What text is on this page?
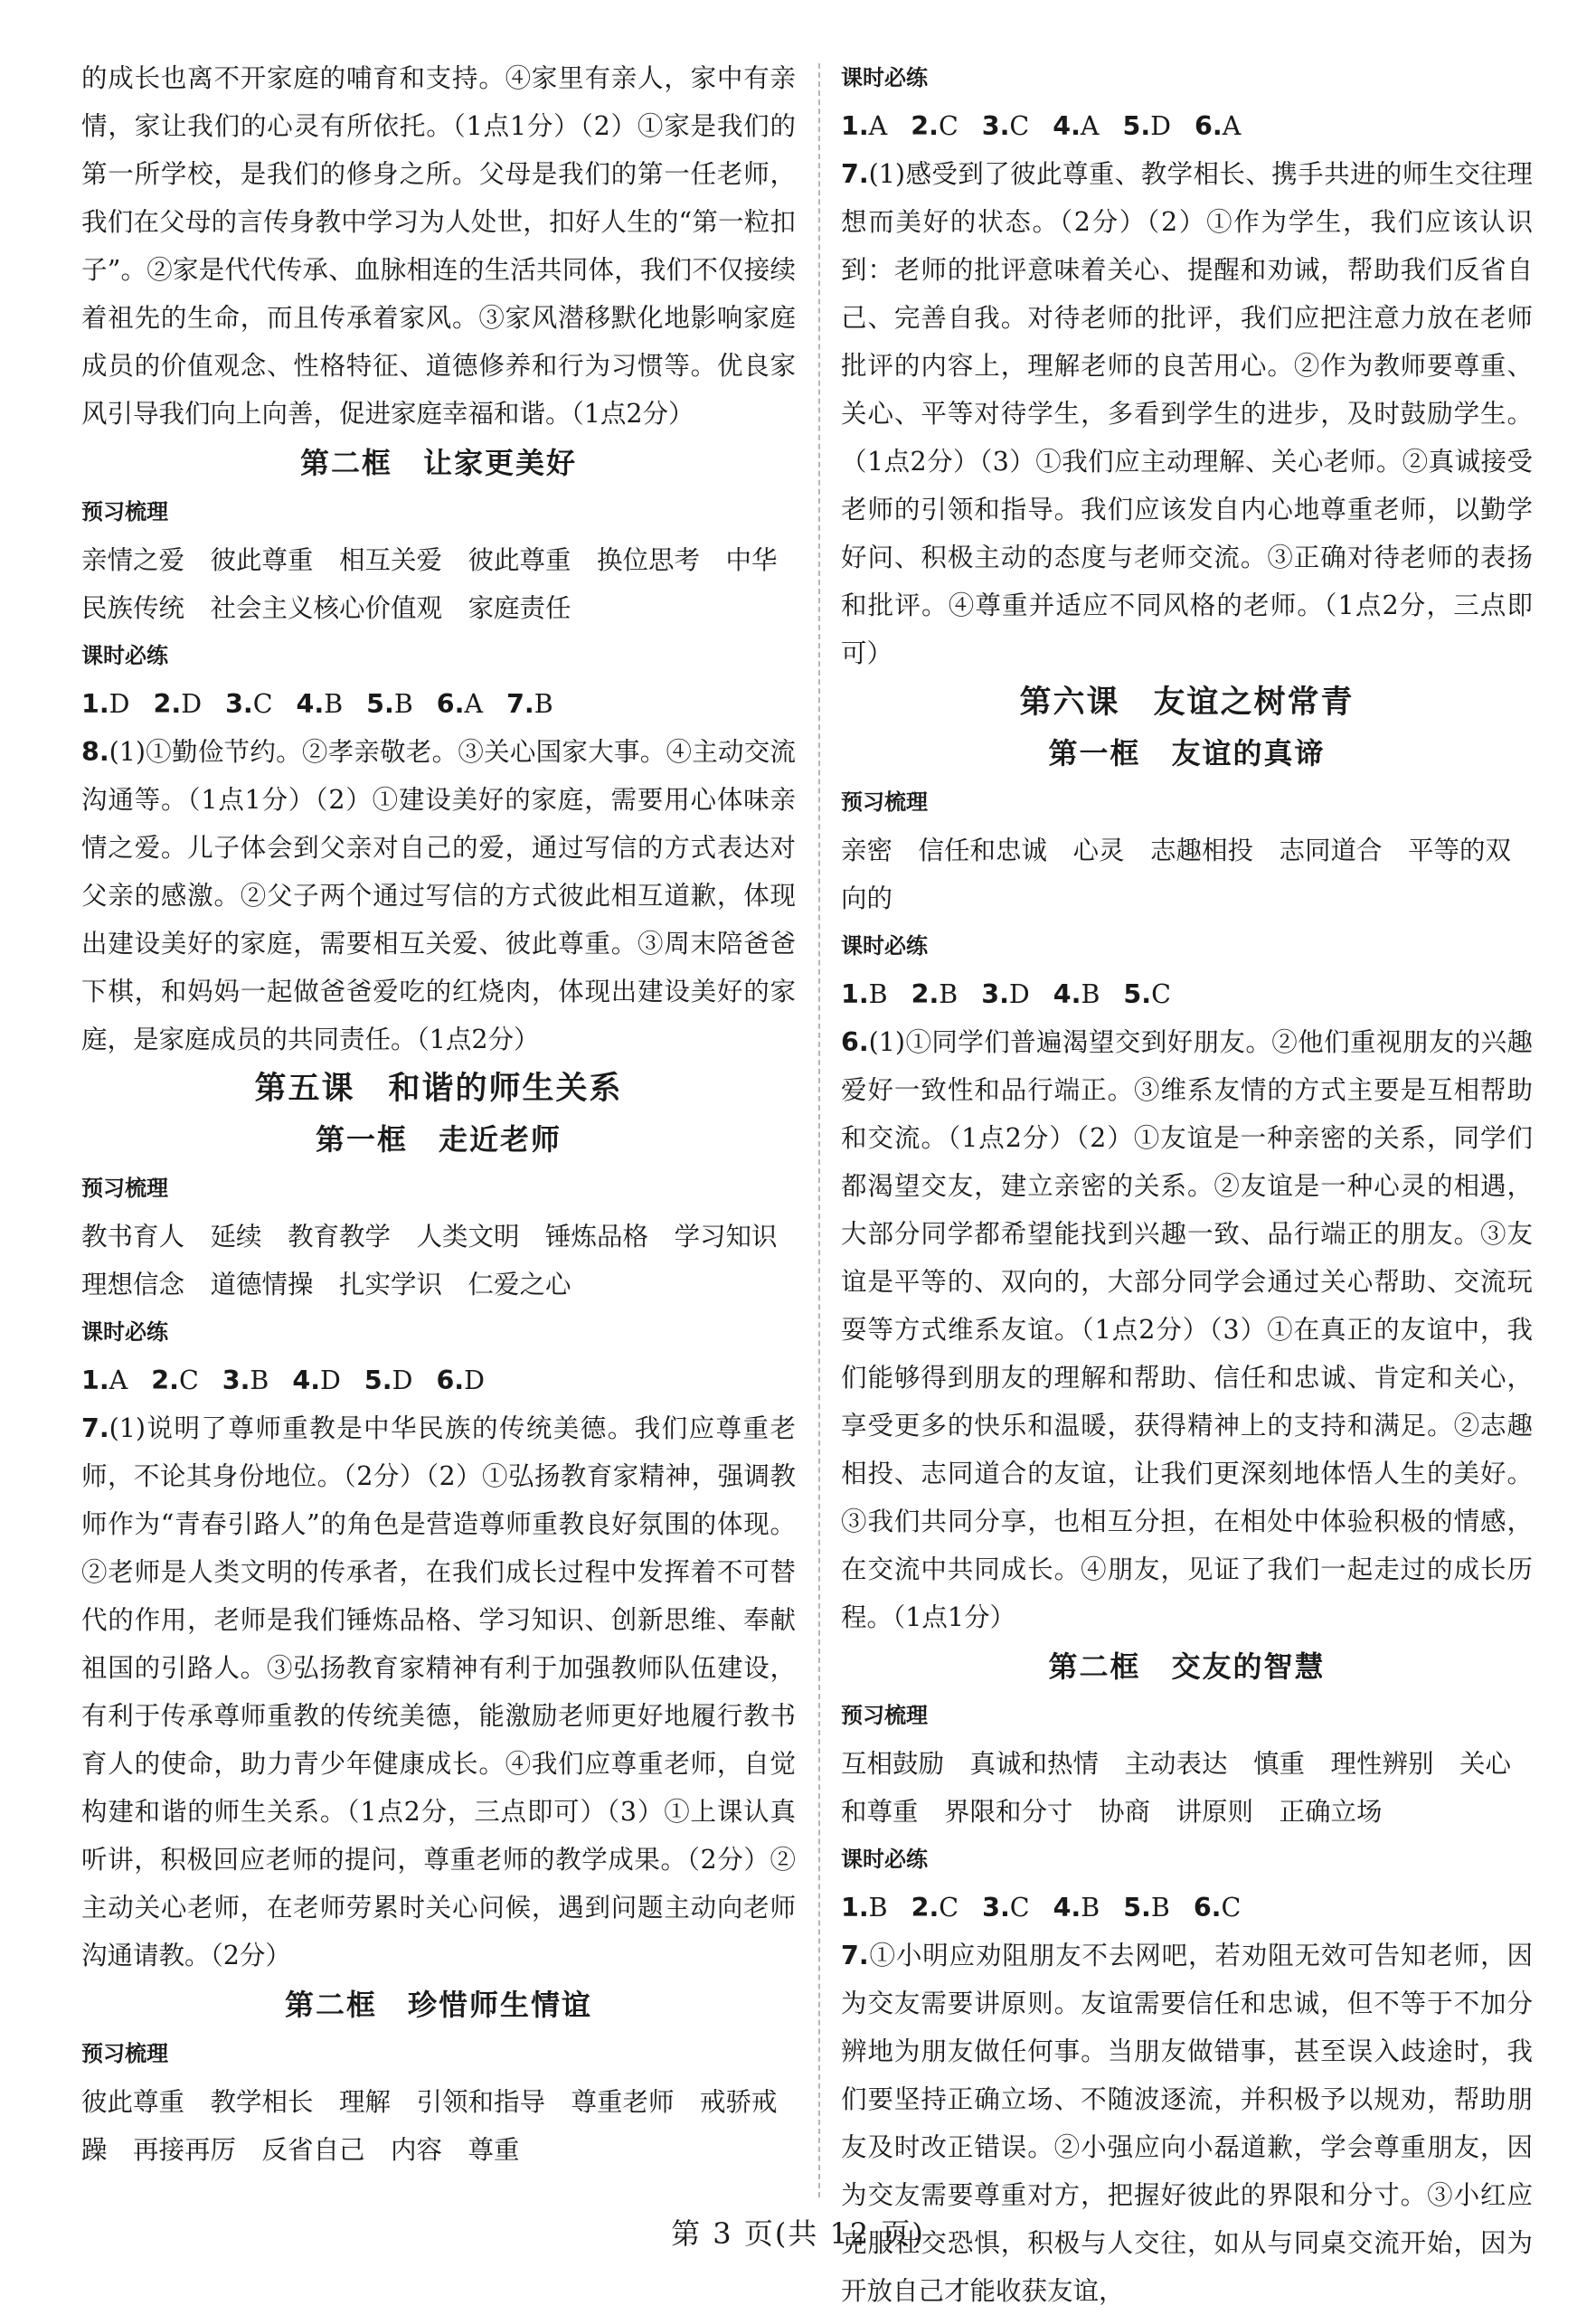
的成长也离不开家庭的哺育和支持。④家里有亲人，家中有亲情，家让我们的心灵有所依托。（1点1分）（2）①家是我们的第一所学校，是我们的修身之所。父母是我们的第一任老师，我们在父母的言传身教中学习为人处世，扣好人生的“第一粒扣子”。②家是代代传承、血脉相连的生活共同体，我们不仅接续着祖先的生命，而且传承着家风。③家风潜移默化地影响家庭成员的价值观念、性格特征、道德修养和行为习惯等。优良家风引导我们向上向善，促进家庭幸福和谐。（1点2分）

第二框　让家更美好
预习梳理

亲情之爱　彼此尊重　相互关爱　彼此尊重　换位思考　中华民族传统　社会主义核心价值观　家庭责任

课时必练

1.D 2.D 3.C 4.B 5.B 6.A 7.B

8.(1)①勤俭节约。②孝亲敬老。③关心国家大事。④主动交流沟通等。（1点1分）（2）①建设美好的家庭，需要用心体味亲情之爱。儿子体会到父亲对自己的爱，通过写信的方式表达对父亲的感激。②父子两个通过写信的方式彼此相互道歉，体现出建设美好的家庭，需要相互关爱、彼此尊重。③周末陪爸爸下棋，和妈妈一起做爸爸爱吃的红烧肉，体现出建设美好的家庭，是家庭成员的共同责任。（1点2分）

第五课　和谐的师生关系
第一框　走近老师
预习梳理

教书育人　延续　教育教学　人类文明　锤炼品格　学习知识　理想信念　道德情操　扎实学识　仁爱之心

课时必练

1.A 2.C 3.B 4.D 5.D 6.D

7.(1)说明了尊师重教是中华民族的传统美德。我们应尊重老师，不论其身份地位。（2分）（2）①弘扬教育家精神，强调教师作为“青春引路人”的角色是营造尊师重教良好氛围的体现。②老师是人类文明的传承者，在我们成长过程中发挥着不可替代的作用，老师是我们锤炼品格、学习知识、创新思维、奉献祖国的引路人。③弘扬教育家精神有利于加强教师队伍建设，有利于传承尊师重教的传统美德，能激励老师更好地履行教书育人的使命，助力青少年健康成长。④我们应尊重老师，自觉构建和谐的师生关系。（1点2分，三点即可）（3）①上课认真听讲，积极回应老师的提问，尊重老师的教学成果。（2分）②主动关心老师，在老师劳累时关心问候，遇到问题主动向老师沟通请教。（2分）

第二框　珍惜师生情谊
预习梳理

彼此尊重　教学相长　理解　引领和指导　尊重老师　戒骄戒躁　再接再厉　反省自己　内容　尊重

课时必练

1.A 2.C 3.C 4.A 5.D 6.A

7.(1)感受到了彼此尊重、教学相长、携手共进的师生交往理想而美好的状态。（2分）（2）①作为学生，我们应该认识到：老师的批评意味着关心、提醒和劝诫，帮助我们反省自己、完善自我。对待老师的批评，我们应把注意力放在老师批评的内容上，理解老师的良苦用心。②作为教师要尊重、关心、平等对待学生，多看到学生的进步，及时鼓励学生。（1点2分）（3）①我们应主动理解、关心老师。②真诚接受老师的引领和指导。我们应该发自内心地尊重老师，以勤学好问、积极主动的态度与老师交流。③正确对待老师的表扬和批评。④尊重并适应不同风格的老师。（1点2分，三点即可）

第六课　友谊之树常青
第一框　友谊的真谛
预习梳理

亲密　信任和忠诚　心灵　志趣相投　志同道合　平等的双向的

课时必练

1.B 2.B 3.D 4.B 5.C

6.(1)①同学们普遍渴望交到好朋友。②他们重视朋友的兴趣爱好一致性和品行端正。③维系友情的方式主要是互相帮助和交流。（1点2分）（2）①友谊是一种亲密的关系，同学们都渴望交友，建立亲密的关系。②友谊是一种心灵的相遇，大部分同学都希望能找到兴趣一致、品行端正的朋友。③友谊是平等的、双向的，大部分同学会通过关心帮助、交流玩耍等方式维系友谊。（1点2分）（3）①在真正的友谊中，我们能够得到朋友的理解和帮助、信任和忠诚、肯定和关心，享受更多的快乐和温暖，获得精神上的支持和满足。②志趣相投、志同道合的友谊，让我们更深刻地体悟人生的美好。③我们共同分享，也相互分担，在相处中体验积极的情感，在交流中共同成长。④朋友，见证了我们一起走过的成长历程。（1点1分）

第二框　交友的智慧
预习梳理

互相鼓励　真诚和热情　主动表达　慎重　理性辨别　关心和尊重　界限和分寸　协商　讲原则　正确立场

课时必练

1.B 2.C 3.C 4.B 5.B 6.C

7.①小明应劝阻朋友不去网吧，若劝阻无效可告知老师，因为交友需要讲原则。友谊需要信任和忠诚，但不等于不加分辨地为朋友做任何事。当朋友做错事，甚至误入歧途时，我们要坚持正确立场、不随波逐流，并积极予以规劝，帮助朋友及时改正错误。②小强应向小磊道歉，学会尊重朋友，因为交友需要尊重对方，把握好彼此的界限和分寸。③小红应克服社交恐惧，积极与人交往，如从与同桌交流开始，因为开放自己才能收获友谊，

第 3 页(共 12 页)
